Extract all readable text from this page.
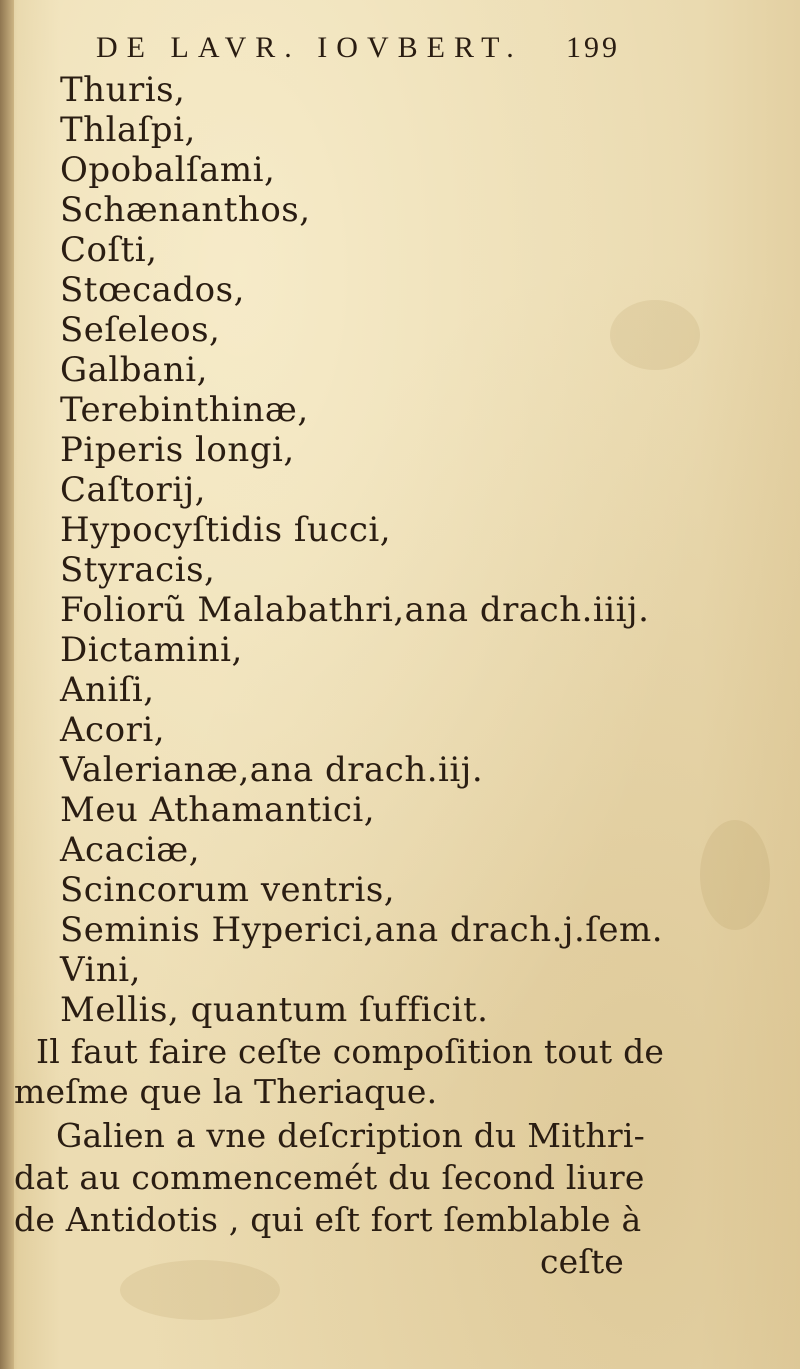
DE LAVR. IOVBERT. 199
Thuris,
Thlaſpi,
Opobalſami,
Schænanthos,
Coſti,
Stœcados,
Seſeleos,
Galbani,
Terebinthinæ,
Piperis longi,
Caſtorij,
Hypocyſtidis ſucci,
Styracis,
Foliorũ Malabathri,ana drach.iiij.
Dictamini,
Aniſi,
Acori,
Valerianæ,ana drach.iij.
Meu Athamantici,
Acaciæ,
Scincorum ventris,
Seminis Hyperici,ana drach.j.ſem.
Vini,
Mellis, quantum ſufficit.
Il faut faire ceſte compoſition tout de
meſme que la Theriaque.
Galien a vne deſcription du Mithri-
dat au commencemét du ſecond liure
de Antidotis , qui eſt fort ſemblable à
ceſte
